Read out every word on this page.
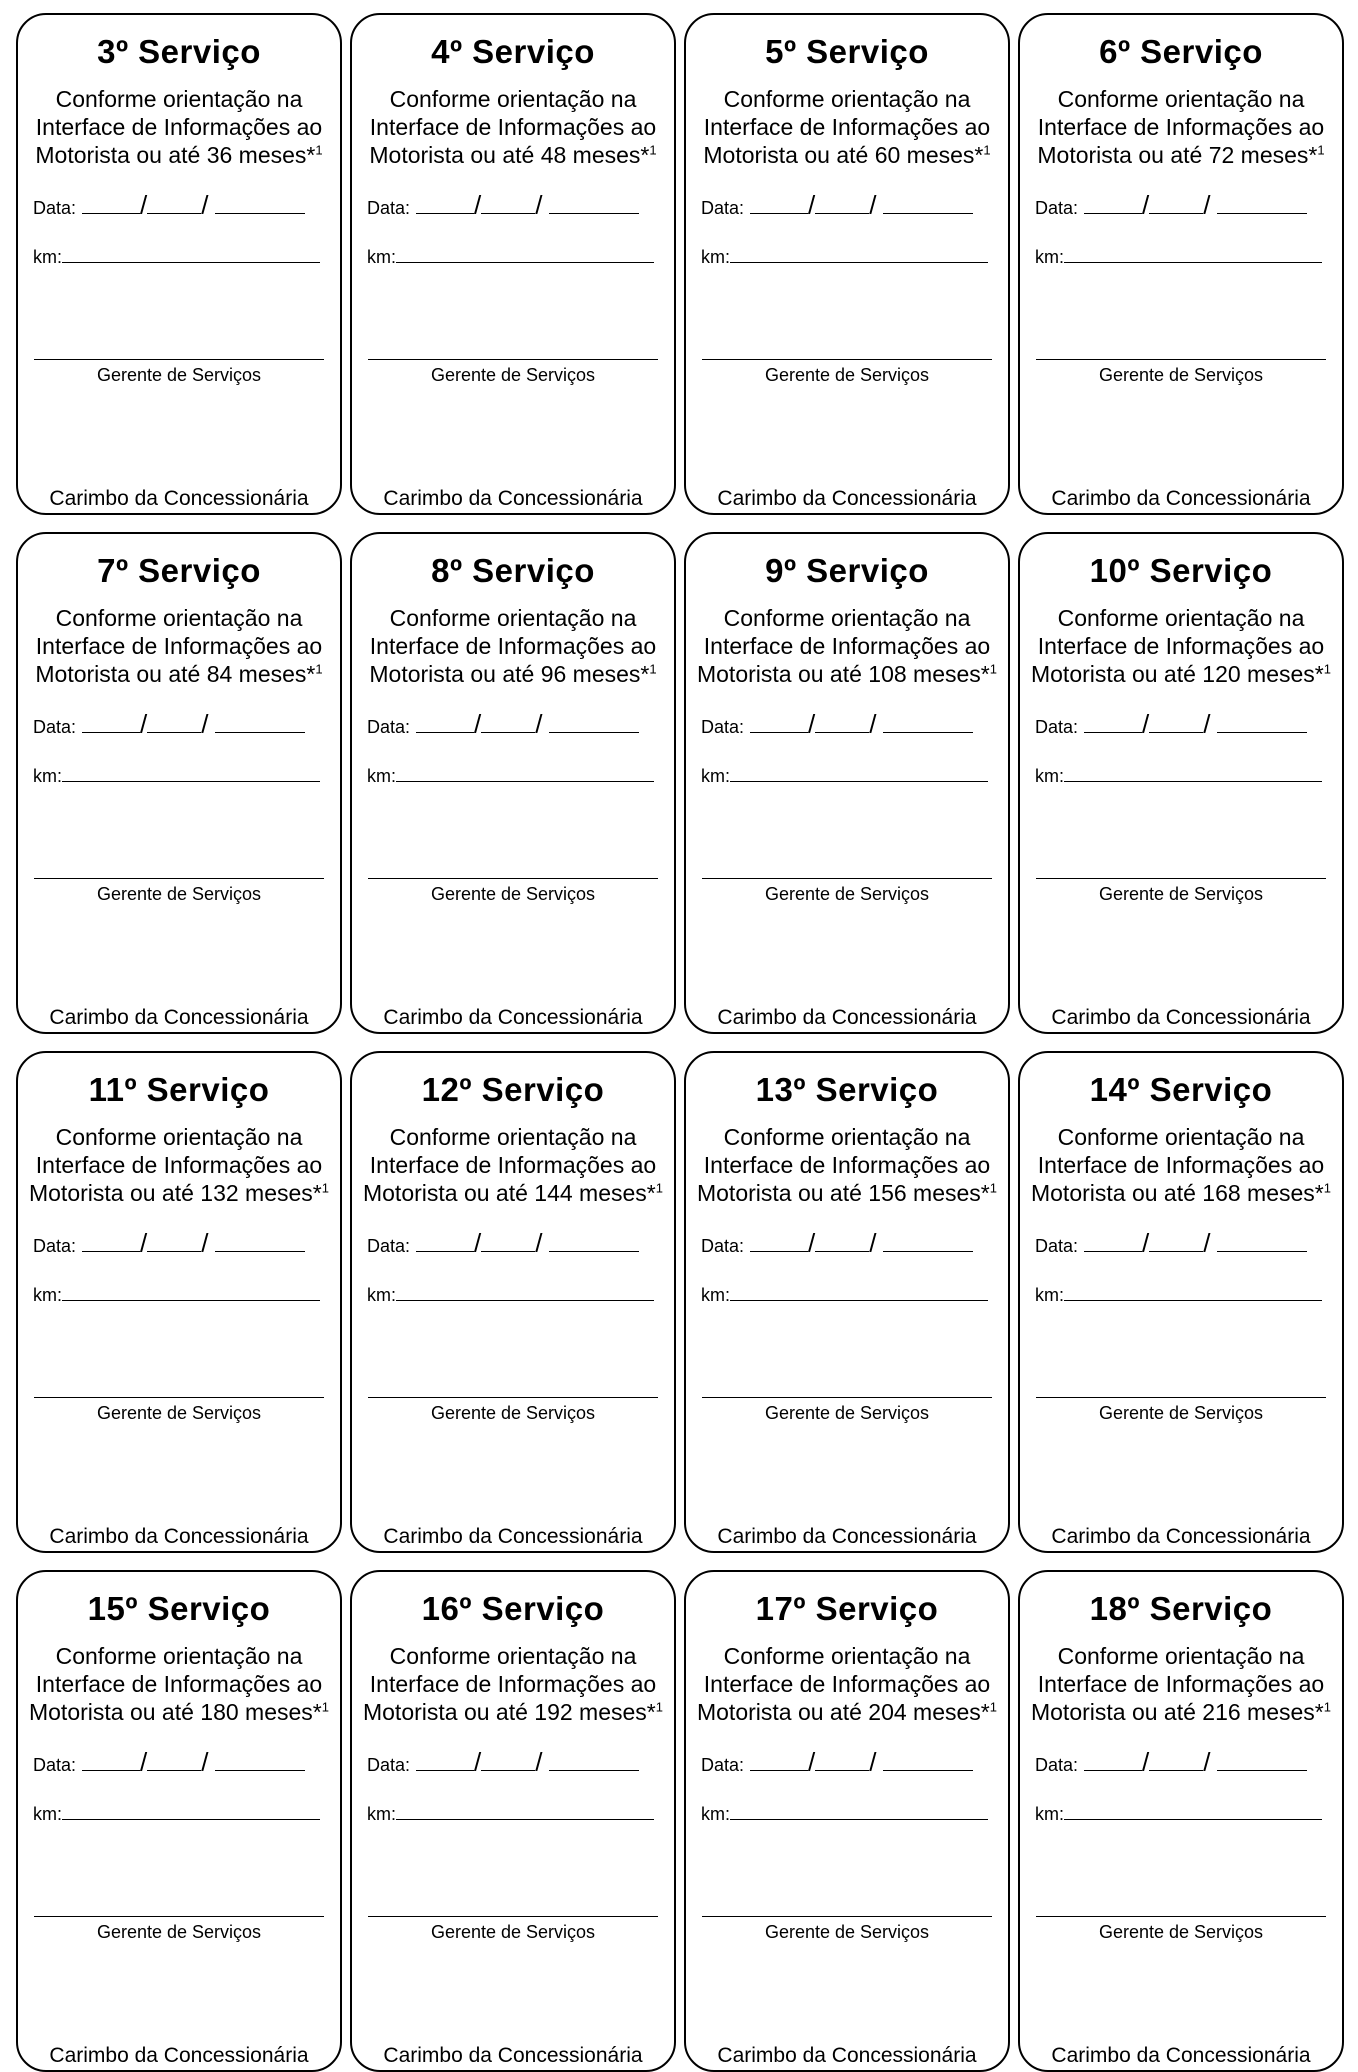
3º Serviço
Conforme orientação na
Interface de Informações ao
Motorista ou até 36 meses*$^1$
Data: / /
km:
Gerente de Serviços
Carimbo da Concessionária
4º Serviço
Conforme orientação na
Interface de Informações ao
Motorista ou até 48 meses*$^1$
Data: / /
km:
Gerente de Serviços
Carimbo da Concessionária
5º Serviço
Conforme orientação na
Interface de Informações ao
Motorista ou até 60 meses*$^1$
Data: / /
km:
Gerente de Serviços
Carimbo da Concessionária
6º Serviço
Conforme orientação na
Interface de Informações ao
Motorista ou até 72 meses*$^1$
Data: / /
km:
Gerente de Serviços
Carimbo da Concessionária
7º Serviço
Conforme orientação na
Interface de Informações ao
Motorista ou até 84 meses*$^1$
Data: / /
km:
Gerente de Serviços
Carimbo da Concessionária
8º Serviço
Conforme orientação na
Interface de Informações ao
Motorista ou até 96 meses*$^1$
Data: / /
km:
Gerente de Serviços
Carimbo da Concessionária
9º Serviço
Conforme orientação na
Interface de Informações ao
Motorista ou até 108 meses*$^1$
Data: / /
km:
Gerente de Serviços
Carimbo da Concessionária
10º Serviço
Conforme orientação na
Interface de Informações ao
Motorista ou até 120 meses*$^1$
Data: / /
km:
Gerente de Serviços
Carimbo da Concessionária
11º Serviço
Conforme orientação na
Interface de Informações ao
Motorista ou até 132 meses*$^1$
Data: / /
km:
Gerente de Serviços
Carimbo da Concessionária
12º Serviço
Conforme orientação na
Interface de Informações ao
Motorista ou até 144 meses*$^1$
Data: / /
km:
Gerente de Serviços
Carimbo da Concessionária
13º Serviço
Conforme orientação na
Interface de Informações ao
Motorista ou até 156 meses*$^1$
Data: / /
km:
Gerente de Serviços
Carimbo da Concessionária
14º Serviço
Conforme orientação na
Interface de Informações ao
Motorista ou até 168 meses*$^1$
Data: / /
km:
Gerente de Serviços
Carimbo da Concessionária
15º Serviço
Conforme orientação na
Interface de Informações ao
Motorista ou até 180 meses*$^1$
Data: / /
km:
Gerente de Serviços
Carimbo da Concessionária
16º Serviço
Conforme orientação na
Interface de Informações ao
Motorista ou até 192 meses*$^1$
Data: / /
km:
Gerente de Serviços
Carimbo da Concessionária
17º Serviço
Conforme orientação na
Interface de Informações ao
Motorista ou até 204 meses*$^1$
Data: / /
km:
Gerente de Serviços
Carimbo da Concessionária
18º Serviço
Conforme orientação na
Interface de Informações ao
Motorista ou até 216 meses*$^1$
Data: / /
km:
Gerente de Serviços
Carimbo da Concessionária
